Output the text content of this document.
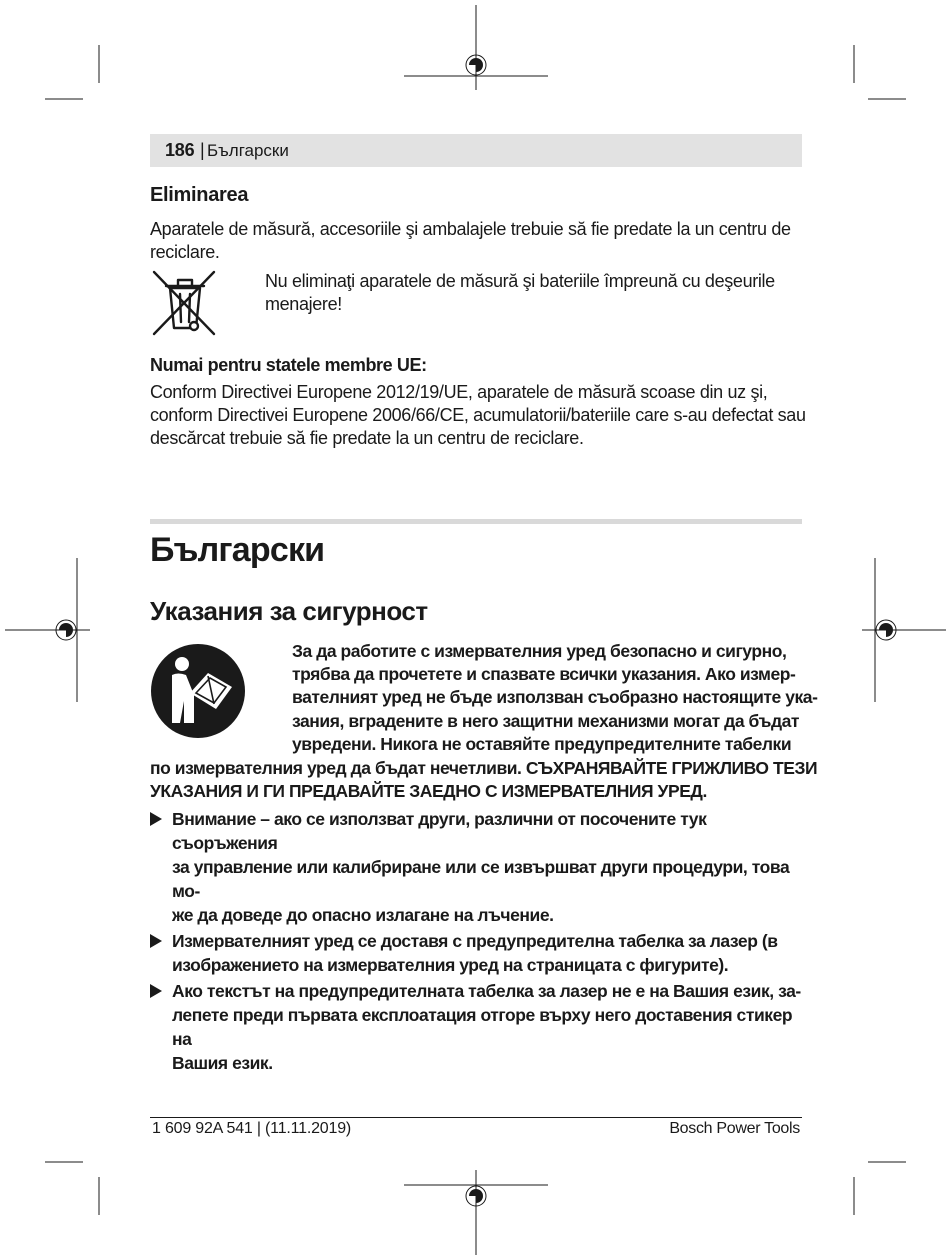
186 | Български
Eliminarea
Aparatele de măsură, accesoriile şi ambalajele trebuie să fie predate la un centru de
reciclare.
Nu eliminaţi aparatele de măsură şi bateriile împreună cu deşeurile
menajere!
Numai pentru statele membre UE:
Conform Directivei Europene 2012/19/UE, aparatele de măsură scoase din uz şi,
conform Directivei Europene 2006/66/CE, acumulatorii/bateriile care s-au defectat sau
descărcat trebuie să fie predate la un centru de reciclare.
Български
Указания за сигурност
За да работите с измервателния уред безопасно и сигурно,
трябва да прочетете и спазвате всички указания. Ако измер-
вателният уред не бъде използван съобразно настоящите ука-
зания, вградените в него защитни механизми могат да бъдат
увредени. Никога не оставяйте предупредителните табелки
по измервателния уред да бъдат нечетливи. СЪХРАНЯВАЙТЕ ГРИЖЛИВО ТЕЗИ
УКАЗАНИЯ И ГИ ПРЕДАВАЙТЕ ЗАЕДНО С ИЗМЕРВАТЕЛНИЯ УРЕД.
Внимание – ако се използват други, различни от посочените тук съоръжения
за управление или калибриране или се извършват други процедури, това мо-
же да доведе до опасно излагане на лъчение.
Измервателният уред се доставя с предупредителна табелка за лазер (в
изображението на измервателния уред на страницата с фигурите).
Ако текстът на предупредителната табелка за лазер не е на Вашия език, за-
лепете преди първата експлоатация отгоре върху него доставения стикер на
Вашия език.
1 609 92A 541 | (11.11.2019)	Bosch Power Tools
